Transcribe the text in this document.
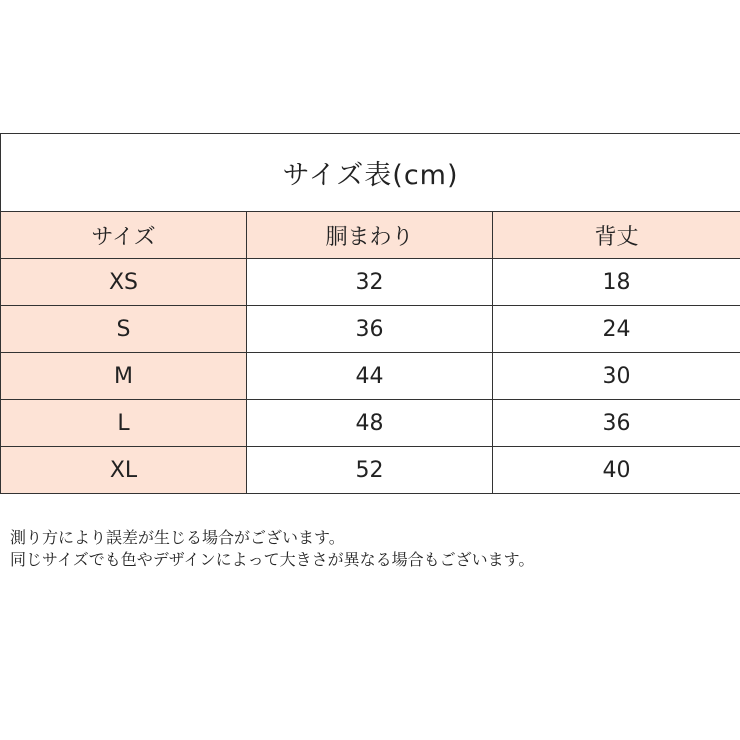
サイズ表(cm)		
サイズ	胴まわり	背丈
XS	32	18
S	36	24
M	44	30
L	48	36
XL	52	40

測り方により誤差が生じる場合がございます。

同じサイズでも色やデザインによって大きさが異なる場合もございます。
